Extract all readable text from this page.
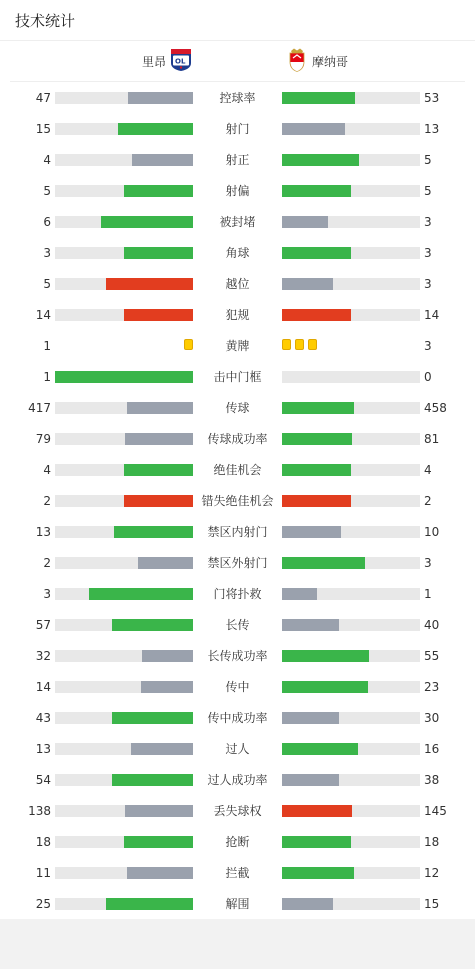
技术统计
里昂 OL	摩纳哥
47	控球率	53
15	射门	13
4	射正	5
5	射偏	5
6	被封堵	3
3	角球	3
5	越位	3
14	犯规	14
1	黄牌	3
1	击中门框	0
417	传球	458
79	传球成功率	81
4	绝佳机会	4
2	错失绝佳机会	2
13	禁区内射门	10
2	禁区外射门	3
3	门将扑救	1
57	长传	40
32	长传成功率	55
14	传中	23
43	传中成功率	30
13	过人	16
54	过人成功率	38
138	丢失球权	145
18	抢断	18
11	拦截	12
25	解围	15
